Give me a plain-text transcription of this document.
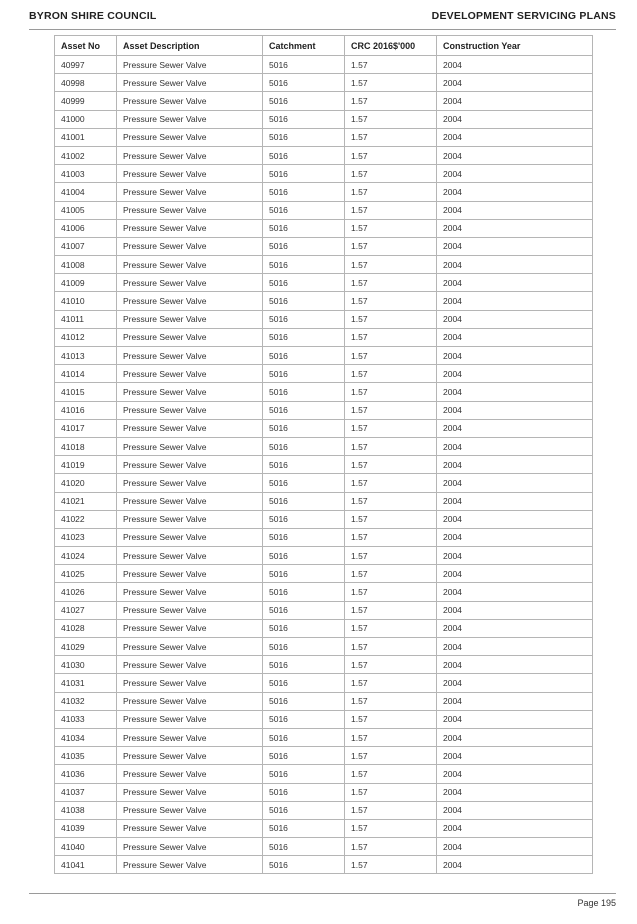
BYRON SHIRE COUNCIL	DEVELOPMENT SERVICING PLANS
Asset No	Asset Description	Catchment	CRC 2016$'000	Construction Year
40997	Pressure Sewer Valve	5016	1.57	2004
40998	Pressure Sewer Valve	5016	1.57	2004
40999	Pressure Sewer Valve	5016	1.57	2004
41000	Pressure Sewer Valve	5016	1.57	2004
41001	Pressure Sewer Valve	5016	1.57	2004
41002	Pressure Sewer Valve	5016	1.57	2004
41003	Pressure Sewer Valve	5016	1.57	2004
41004	Pressure Sewer Valve	5016	1.57	2004
41005	Pressure Sewer Valve	5016	1.57	2004
41006	Pressure Sewer Valve	5016	1.57	2004
41007	Pressure Sewer Valve	5016	1.57	2004
41008	Pressure Sewer Valve	5016	1.57	2004
41009	Pressure Sewer Valve	5016	1.57	2004
41010	Pressure Sewer Valve	5016	1.57	2004
41011	Pressure Sewer Valve	5016	1.57	2004
41012	Pressure Sewer Valve	5016	1.57	2004
41013	Pressure Sewer Valve	5016	1.57	2004
41014	Pressure Sewer Valve	5016	1.57	2004
41015	Pressure Sewer Valve	5016	1.57	2004
41016	Pressure Sewer Valve	5016	1.57	2004
41017	Pressure Sewer Valve	5016	1.57	2004
41018	Pressure Sewer Valve	5016	1.57	2004
41019	Pressure Sewer Valve	5016	1.57	2004
41020	Pressure Sewer Valve	5016	1.57	2004
41021	Pressure Sewer Valve	5016	1.57	2004
41022	Pressure Sewer Valve	5016	1.57	2004
41023	Pressure Sewer Valve	5016	1.57	2004
41024	Pressure Sewer Valve	5016	1.57	2004
41025	Pressure Sewer Valve	5016	1.57	2004
41026	Pressure Sewer Valve	5016	1.57	2004
41027	Pressure Sewer Valve	5016	1.57	2004
41028	Pressure Sewer Valve	5016	1.57	2004
41029	Pressure Sewer Valve	5016	1.57	2004
41030	Pressure Sewer Valve	5016	1.57	2004
41031	Pressure Sewer Valve	5016	1.57	2004
41032	Pressure Sewer Valve	5016	1.57	2004
41033	Pressure Sewer Valve	5016	1.57	2004
41034	Pressure Sewer Valve	5016	1.57	2004
41035	Pressure Sewer Valve	5016	1.57	2004
41036	Pressure Sewer Valve	5016	1.57	2004
41037	Pressure Sewer Valve	5016	1.57	2004
41038	Pressure Sewer Valve	5016	1.57	2004
41039	Pressure Sewer Valve	5016	1.57	2004
41040	Pressure Sewer Valve	5016	1.57	2004
41041	Pressure Sewer Valve	5016	1.57	2004
Page 195
